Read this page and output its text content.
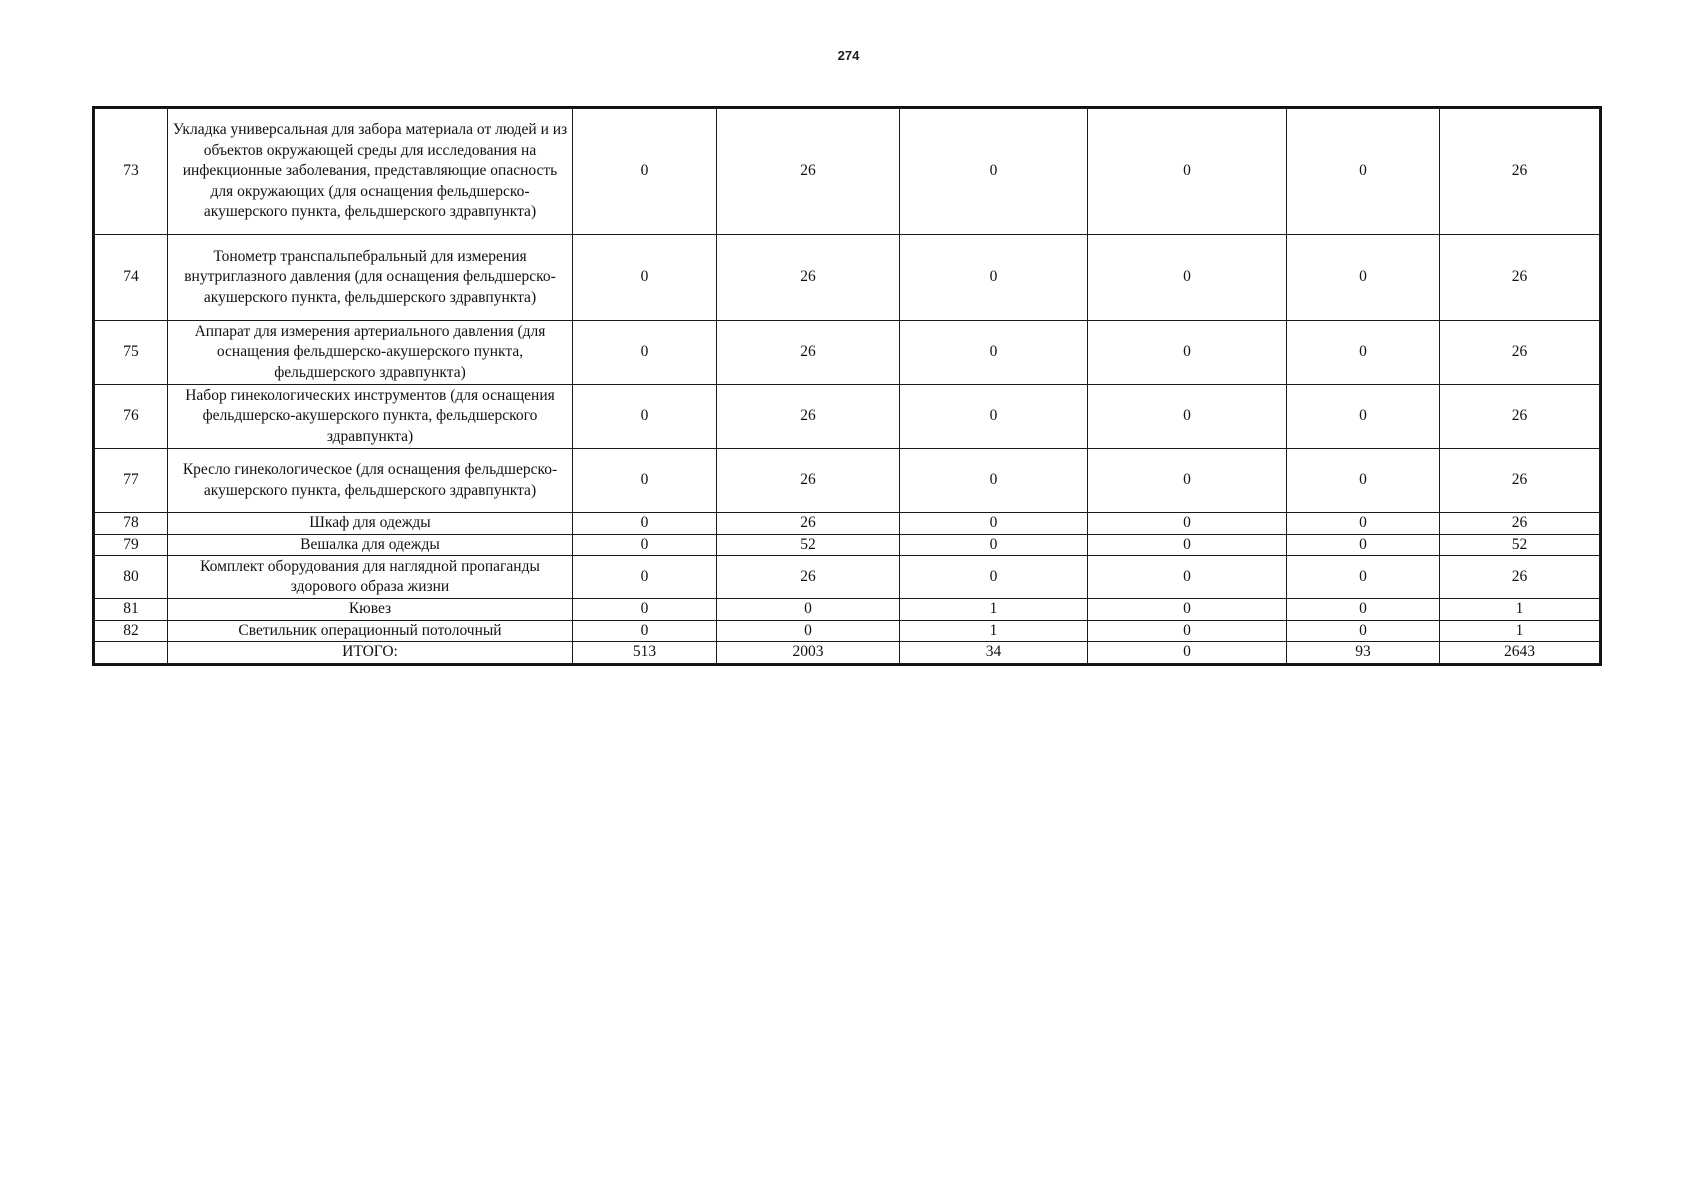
274
73	Укладка универсальная для забора материала от людей и из объектов окружающей среды для исследования на инфекционные заболевания, представляющие опасность для окружающих (для оснащения фельдшерско-акушерского пункта, фельдшерского здравпункта)	0	26	0	0	0	26
74	Тонометр транспальпебральный для измерения внутриглазного давления (для оснащения фельдшерско-акушерского пункта, фельдшерского здравпункта)	0	26	0	0	0	26
75	Аппарат для измерения артериального давления (для оснащения фельдшерско-акушерского пункта, фельдшерского здравпункта)	0	26	0	0	0	26
76	Набор гинекологических инструментов (для оснащения фельдшерско-акушерского пункта, фельдшерского здравпункта)	0	26	0	0	0	26
77	Кресло гинекологическое (для оснащения фельдшерско-акушерского пункта, фельдшерского здравпункта)	0	26	0	0	0	26
78	Шкаф для одежды	0	26	0	0	0	26
79	Вешалка для одежды	0	52	0	0	0	52
80	Комплект оборудования для наглядной пропаганды здорового образа жизни	0	26	0	0	0	26
81	Кювез	0	0	1	0	0	1
82	Светильник операционный потолочный	0	0	1	0	0	1
	ИТОГО:	513	2003	34	0	93	2643
